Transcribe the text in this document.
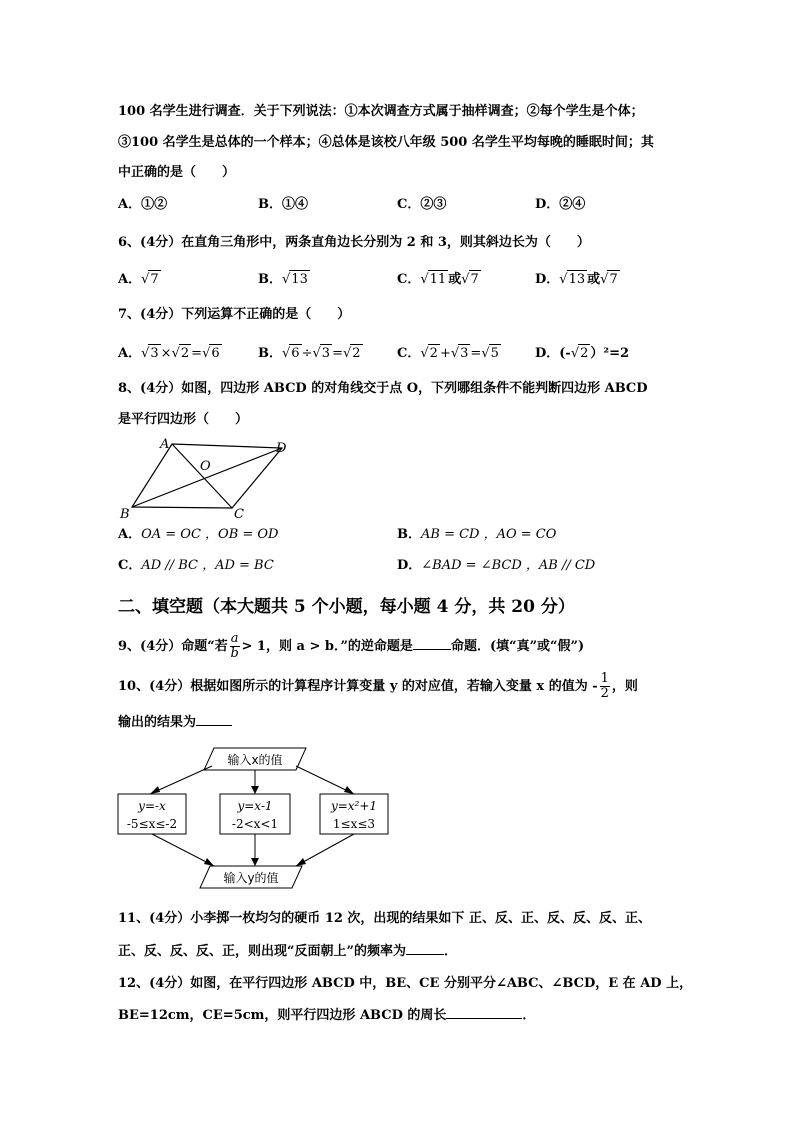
100 名学生进行调查．关于下列说法：①本次调查方式属于抽样调查；②每个学生是个体；
③100 名学生是总体的一个样本；④总体是该校八年级 500 名学生平均每晚的睡眠时间；其
中正确的是（　　）
A．①②	B．①④	C．②③	D．②④
6、(4分）在直角三角形中，两条直角边长分别为 2 和 3，则其斜边长为（　　）
A．√7	B．√13	C．√11 或√7	D．√13 或√7
7、(4分）下列运算不正确的是（　　）
A．√3 ×√2 =√6	B．√6 ÷√3 =√2	C．√2 +√3 =√5	D．(-√2 ）²=2
8、(4分）如图，四边形 ABCD 的对角线交于点 O，下列哪组条件不能判断四边形 ABCD
是平行四边形（　　）
A	D
B	C
O
A．OA = OC ，OB = OD	B．AB = CD ，AO = CO
C．AD // BC ，AD = BC	D．∠BAD = ∠BCD ，AB // CD
二、填空题（本大题共 5 个小题，每小题 4 分，共 20 分）
9、(4分）命题“若 $\frac{a}{b} > 1$，则 a > b．”的逆命题是	命题．(填“真”或“假”)
10、(4分）根据如图所示的计算程序计算变量 y 的对应值，若输入变量 x 的值为 - $\frac{1}{2}$ ，则
输出的结果为
输入x的值
y=-x
-5≤x≤-2
y=x-1
-2<x<1
y=x²+1
1≤x≤3
输入y的值
11、(4分）小李掷一枚均匀的硬币 12 次，出现的结果如下 正、反、正、反、反、反、正、
正、反、反、反、正，则出现“反面朝上”的频率为	．
12、(4分）如图，在平行四边形 ABCD 中，BE、CE 分别平分∠ABC、∠BCD，E 在 AD 上，
BE=12cm，CE=5cm，则平行四边形 ABCD 的周长	．
